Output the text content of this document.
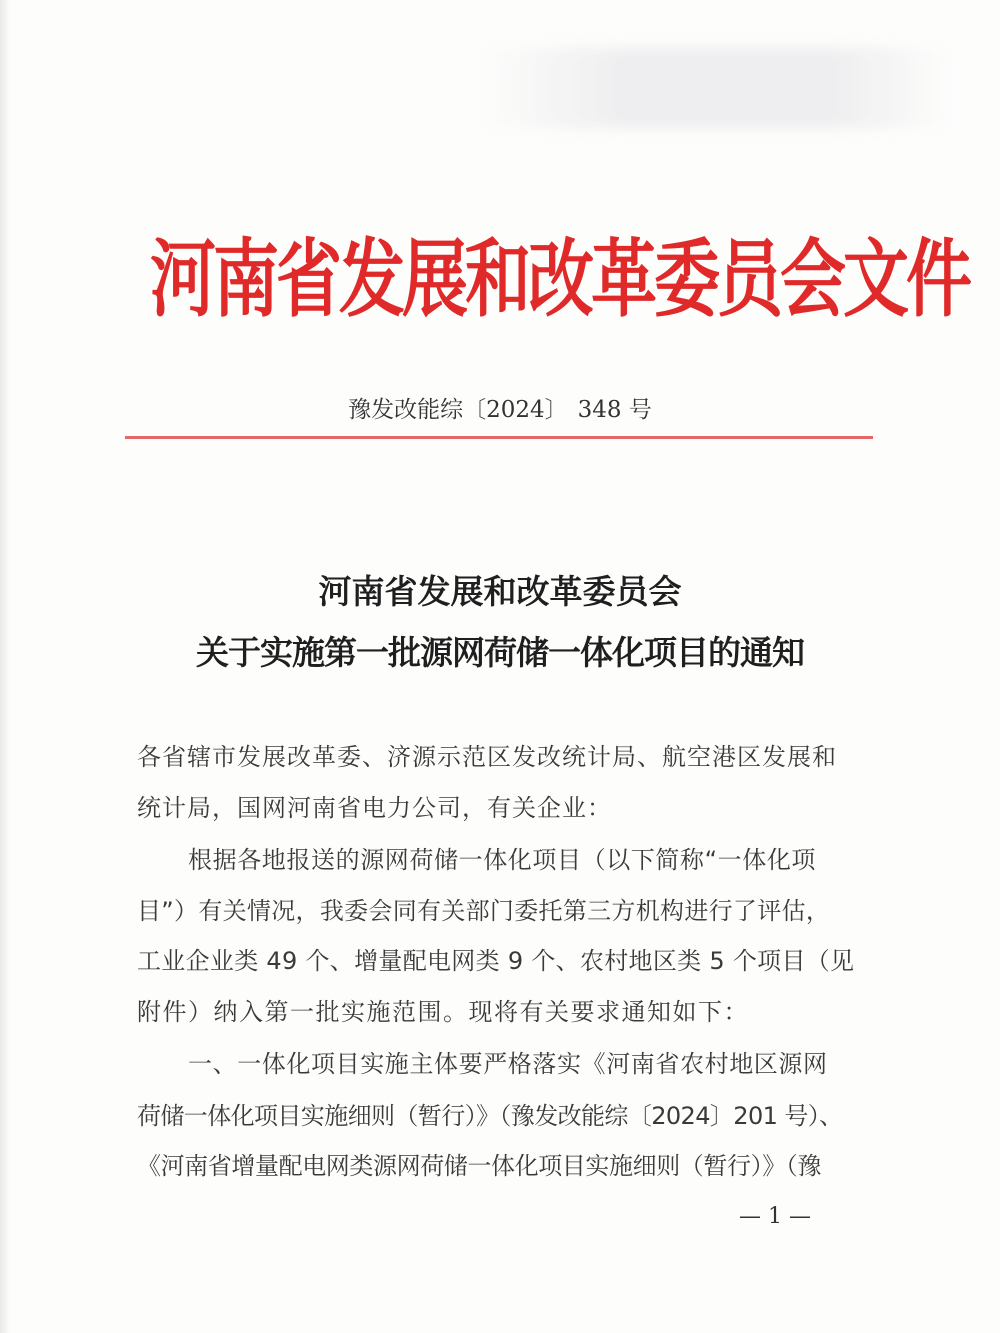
河南省发展和改革委员会文件
豫发改能综〔2024〕 348 号
河南省发展和改革委员会
关于实施第一批源网荷储一体化项目的通知
各省辖市发展改革委、济源示范区发改统计局、航空港区发展和
统计局，国网河南省电力公司，有关企业：
根据各地报送的源网荷储一体化项目（以下简称“一体化项
目”）有关情况，我委会同有关部门委托第三方机构进行了评估，
工业企业类 49 个、增量配电网类 9 个、农村地区类 5 个项目（见
附件）纳入第一批实施范围。现将有关要求通知如下：
一、一体化项目实施主体要严格落实《河南省农村地区源网
荷储一体化项目实施细则（暂行）》（豫发改能综〔2024〕201 号）、
《河南省增量配电网类源网荷储一体化项目实施细则（暂行）》（豫
— 1 —
